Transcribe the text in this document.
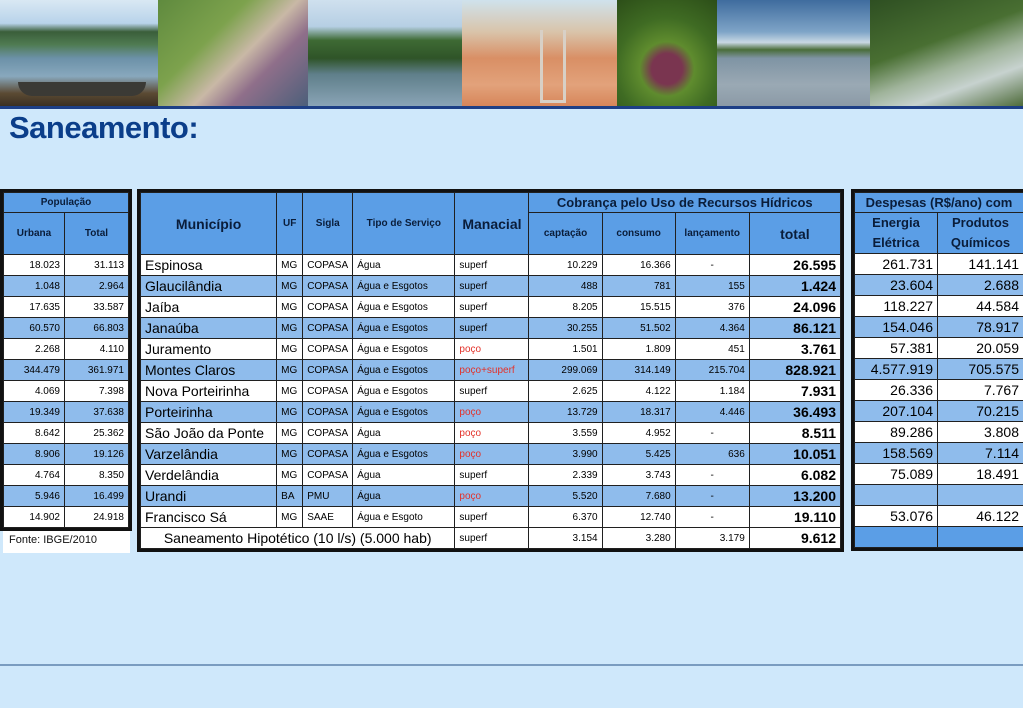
Saneamento:
População	
Urbana	Total
18.023	31.113
1.048	2.964
17.635	33.587
60.570	66.803
2.268	4.110
344.479	361.971
4.069	7.398
19.349	37.638
8.642	25.362
8.906	19.126
4.764	8.350
5.946	16.499
14.902	24.918
Fonte: IBGE/2010
Município	UF	Sigla	Tipo de Serviço	Manacial	Cobrança pelo Uso de Recursos Hídricos			
					captação	consumo	lançamento	total
Espinosa	MG	COPASA	Água	superf	10.229	16.366	-	26.595
Glaucilândia	MG	COPASA	Água e Esgotos	superf	488	781	155	1.424
Jaíba	MG	COPASA	Água e Esgotos	superf	8.205	15.515	376	24.096
Janaúba	MG	COPASA	Água e Esgotos	superf	30.255	51.502	4.364	86.121
Juramento	MG	COPASA	Água e Esgotos	poço	1.501	1.809	451	3.761
Montes Claros	MG	COPASA	Água e Esgotos	poço+superf	299.069	314.149	215.704	828.921
Nova Porteirinha	MG	COPASA	Água e Esgotos	superf	2.625	4.122	1.184	7.931
Porteirinha	MG	COPASA	Água e Esgotos	poço	13.729	18.317	4.446	36.493
São João da Ponte	MG	COPASA	Água	poço	3.559	4.952	-	8.511
Varzelândia	MG	COPASA	Água e Esgotos	poço	3.990	5.425	636	10.051
Verdelândia	MG	COPASA	Água	superf	2.339	3.743	-	6.082
Urandi	BA	PMU	Água	poço	5.520	7.680	-	13.200
Francisco Sá	MG	SAAE	Água e Esgoto	superf	6.370	12.740	-	19.110
Saneamento Hipotético (10 l/s) (5.000 hab)				superf	3.154	3.280	3.179	9.612
Despesas (R$/ano) com	
Energia Elétrica	Produtos Químicos
261.731	141.141
23.604	2.688
118.227	44.584
154.046	78.917
57.381	20.059
4.577.919	705.575
26.336	7.767
207.104	70.215
89.286	3.808
158.569	7.114
75.089	18.491

53.076	46.122
